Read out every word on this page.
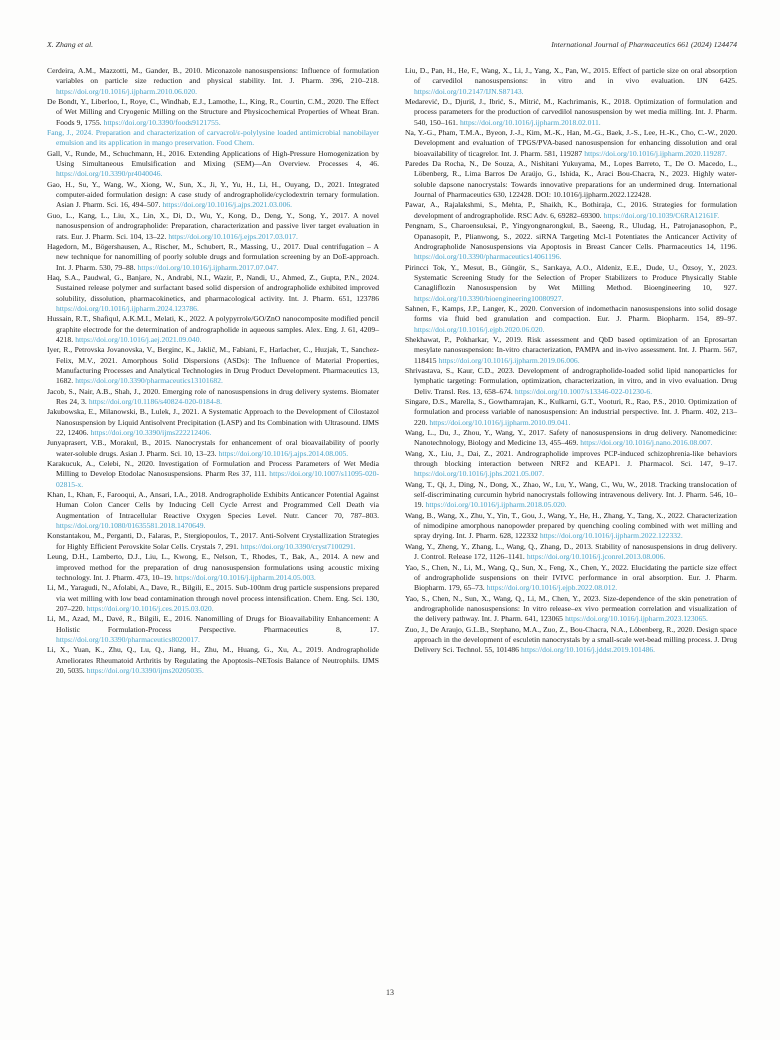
X. Zhang et al.	International Journal of Pharmaceutics 661 (2024) 124474

Cerdeira, A.M., Mazzotti, M., Gander, B., 2010. Miconazole nanosuspensions: Influence of formulation variables on particle size reduction and physical stability. Int. J. Pharm. 396, 210–218. https://doi.org/10.1016/j.ijpharm.2010.06.020.

De Bondt, Y., Liberloo, I., Roye, C., Windhab, E.J., Lamothe, L., King, R., Courtin, C.M., 2020. The Effect of Wet Milling and Cryogenic Milling on the Structure and Physicochemical Properties of Wheat Bran. Foods 9, 1755. https://doi.org/10.3390/foods9121755.

Fang, J., 2024. Preparation and characterization of carvacrol/ε-polylysine loaded antimicrobial nanobilayer emulsion and its application in mango preservation. Food Chem.

Gall, V., Runde, M., Schuchmann, H., 2016. Extending Applications of High-Pressure Homogenization by Using Simultaneous Emulsification and Mixing (SEM)—An Overview. Processes 4, 46. https://doi.org/10.3390/pr4040046.

Gao, H., Su, Y., Wang, W., Xiong, W., Sun, X., Ji, Y., Yu, H., Li, H., Ouyang, D., 2021. Integrated computer-aided formulation design: A case study of andrographolide/cyclodextrin ternary formulation. Asian J. Pharm. Sci. 16, 494–507. https://doi.org/10.1016/j.ajps.2021.03.006.

Guo, L., Kang, L., Liu, X., Lin, X., Di, D., Wu, Y., Kong, D., Deng, Y., Song, Y., 2017. A novel nanosuspension of andrographolide: Preparation, characterization and passive liver target evaluation in rats. Eur. J. Pharm. Sci. 104, 13–22. https://doi.org/10.1016/j.ejps.2017.03.017.

Hagedorn, M., Bögershausen, A., Rischer, M., Schubert, R., Massing, U., 2017. Dual centrifugation – A new technique for nanomilling of poorly soluble drugs and formulation screening by an DoE-approach. Int. J. Pharm. 530, 79–88. https://doi.org/10.1016/j.ijpharm.2017.07.047.

Haq, S.A., Paudwal, G., Banjare, N., Andrabi, N.I., Wazir, P., Nandi, U., Ahmed, Z., Gupta, P.N., 2024. Sustained release polymer and surfactant based solid dispersion of andrographolide exhibited improved solubility, dissolution, pharmacokinetics, and pharmacological activity. Int. J. Pharm. 651, 123786 https://doi.org/10.1016/j.ijpharm.2024.123786.

Hussain, R.T., Shafiqul, A.K.M.I., Melati, K., 2022. A polypyrrole/GO/ZnO nanocomposite modified pencil graphite electrode for the determination of andrographolide in aqueous samples. Alex. Eng. J. 61, 4209–4218. https://doi.org/10.1016/j.aej.2021.09.040.

Iyer, R., Petrovska Jovanovska, V., Berginc, K., Jaklič, M., Fabiani, F., Harlacher, C., Huzjak, T., Sanchez-Felix, M.V., 2021. Amorphous Solid Dispersions (ASDs): The Influence of Material Properties, Manufacturing Processes and Analytical Technologies in Drug Product Development. Pharmaceutics 13, 1682. https://doi.org/10.3390/pharmaceutics13101682.

Jacob, S., Nair, A.B., Shah, J., 2020. Emerging role of nanosuspensions in drug delivery systems. Biomater Res 24, 3. https://doi.org/10.1186/s40824-020-0184-8.

Jakubowska, E., Milanowski, B., Lulek, J., 2021. A Systematic Approach to the Development of Cilostazol Nanosuspension by Liquid Antisolvent Precipitation (LASP) and Its Combination with Ultrasound. IJMS 22, 12406. https://doi.org/10.3390/ijms222212406.

Junyaprasert, V.B., Morakul, B., 2015. Nanocrystals for enhancement of oral bioavailability of poorly water-soluble drugs. Asian J. Pharm. Sci. 10, 13–23. https://doi.org/10.1016/j.ajps.2014.08.005.

Karakucuk, A., Celebi, N., 2020. Investigation of Formulation and Process Parameters of Wet Media Milling to Develop Etodolac Nanosuspensions. Pharm Res 37, 111. https://doi.org/10.1007/s11095-020-02815-x.

Khan, I., Khan, F., Farooqui, A., Ansari, I.A., 2018. Andrographolide Exhibits Anticancer Potential Against Human Colon Cancer Cells by Inducing Cell Cycle Arrest and Programmed Cell Death via Augmentation of Intracellular Reactive Oxygen Species Level. Nutr. Cancer 70, 787–803. https://doi.org/10.1080/01635581.2018.1470649.

Konstantakou, M., Perganti, D., Falaras, P., Stergiopoulos, T., 2017. Anti-Solvent Crystallization Strategies for Highly Efficient Perovskite Solar Cells. Crystals 7, 291. https://doi.org/10.3390/cryst7100291.

Leung, D.H., Lamberto, D.J., Liu, L., Kwong, E., Nelson, T., Rhodes, T., Bak, A., 2014. A new and improved method for the preparation of drug nanosuspension formulations using acoustic mixing technology. Int. J. Pharm. 473, 10–19. https://doi.org/10.1016/j.ijpharm.2014.05.003.

Li, M., Yaragudi, N., Afolabi, A., Dave, R., Bilgili, E., 2015. Sub-100nm drug particle suspensions prepared via wet milling with low bead contamination through novel process intensification. Chem. Eng. Sci. 130, 207–220. https://doi.org/10.1016/j.ces.2015.03.020.

Li, M., Azad, M., Davé, R., Bilgili, E., 2016. Nanomilling of Drugs for Bioavailability Enhancement: A Holistic Formulation-Process Perspective. Pharmaceutics 8, 17. https://doi.org/10.3390/pharmaceutics8020017.

Li, X., Yuan, K., Zhu, Q., Lu, Q., Jiang, H., Zhu, M., Huang, G., Xu, A., 2019. Andrographolide Ameliorates Rheumatoid Arthritis by Regulating the Apoptosis–NETosis Balance of Neutrophils. IJMS 20, 5035. https://doi.org/10.3390/ijms20205035.

Liu, D., Pan, H., He, F., Wang, X., Li, J., Yang, X., Pan, W., 2015. Effect of particle size on oral absorption of carvedilol nanosuspensions: in vitro and in vivo evaluation. IJN 6425. https://doi.org/10.2147/IJN.S87143.

Medarević, D., Djuriš, J., Ibrić, S., Mitrić, M., Kachrimanis, K., 2018. Optimization of formulation and process parameters for the production of carvedilol nanosuspension by wet media milling. Int. J. Pharm. 540, 150–161. https://doi.org/10.1016/j.ijpharm.2018.02.011.

Na, Y.-G., Pham, T.M.A., Byeon, J.-J., Kim, M.-K., Han, M.-G., Baek, J.-S., Lee, H.-K., Cho, C.-W., 2020. Development and evaluation of TPGS/PVA-based nanosuspension for enhancing dissolution and oral bioavailability of ticagrelor. Int. J. Pharm. 581, 119287 https://doi.org/10.1016/j.ijpharm.2020.119287.

Paredes Da Rocha, N., De Souza, A., Nishitani Yukuyama, M., Lopes Barreto, T., De O. Macedo, L., Löbenberg, R., Lima Barros De Araújo, G., Ishida, K., Araci Bou-Chacra, N., 2023. Highly water-soluble dapsone nanocrystals: Towards innovative preparations for an undermined drug. International Journal of Pharmaceutics 630, 122428. DOI: 10.1016/j.ijpharm.2022.122428.

Pawar, A., Rajalakshmi, S., Mehta, P., Shaikh, K., Bothiraja, C., 2016. Strategies for formulation development of andrographolide. RSC Adv. 6, 69282–69300. https://doi.org/10.1039/C6RA12161F.

Pengnam, S., Charoensuksai, P., Yingyongnarongkul, B., Saeeng, R., Uludag, H., Patrojanasophon, P., Opanasopit, P., Plianwong, S., 2022. siRNA Targeting Mcl-1 Potentiates the Anticancer Activity of Andrographolide Nanosuspensions via Apoptosis in Breast Cancer Cells. Pharmaceutics 14, 1196. https://doi.org/10.3390/pharmaceutics14061196.

Pirincci Tok, Y., Mesut, B., Güngör, S., Sarıkaya, A.O., Aldeniz, E.E., Dude, U., Özsoy, Y., 2023. Systematic Screening Study for the Selection of Proper Stabilizers to Produce Physically Stable Canagliflozin Nanosuspension by Wet Milling Method. Bioengineering 10, 927. https://doi.org/10.3390/bioengineering10080927.

Sahnen, F., Kamps, J.P., Langer, K., 2020. Conversion of indomethacin nanosuspensions into solid dosage forms via fluid bed granulation and compaction. Eur. J. Pharm. Biopharm. 154, 89–97. https://doi.org/10.1016/j.ejpb.2020.06.020.

Shekhawat, P., Pokharkar, V., 2019. Risk assessment and QbD based optimization of an Eprosartan mesylate nanosuspension: In-vitro characterization, PAMPA and in-vivo assessment. Int. J. Pharm. 567, 118415 https://doi.org/10.1016/j.ijpharm.2019.06.006.

Shrivastava, S., Kaur, C.D., 2023. Development of andrographolide-loaded solid lipid nanoparticles for lymphatic targeting: Formulation, optimization, characterization, in vitro, and in vivo evaluation. Drug Deliv. Transl. Res. 13, 658–674. https://doi.org/10.1007/s13346-022-01230-6.

Singare, D.S., Marella, S., Gowthamrajan, K., Kulkarni, G.T., Vooturi, R., Rao, P.S., 2010. Optimization of formulation and process variable of nanosuspension: An industrial perspective. Int. J. Pharm. 402, 213–220. https://doi.org/10.1016/j.ijpharm.2010.09.041.

Wang, L., Du, J., Zhou, Y., Wang, Y., 2017. Safety of nanosuspensions in drug delivery. Nanomedicine: Nanotechnology, Biology and Medicine 13, 455–469. https://doi.org/10.1016/j.nano.2016.08.007.

Wang, X., Liu, J., Dai, Z., 2021. Andrographolide improves PCP-induced schizophrenia-like behaviors through blocking interaction between NRF2 and KEAP1. J. Pharmacol. Sci. 147, 9–17. https://doi.org/10.1016/j.jphs.2021.05.007.

Wang, T., Qi, J., Ding, N., Dong, X., Zhao, W., Lu, Y., Wang, C., Wu, W., 2018. Tracking translocation of self-discriminating curcumin hybrid nanocrystals following intravenous delivery. Int. J. Pharm. 546, 10–19. https://doi.org/10.1016/j.ijpharm.2018.05.020.

Wang, B., Wang, X., Zhu, Y., Yin, T., Gou, J., Wang, Y., He, H., Zhang, Y., Tang, X., 2022. Characterization of nimodipine amorphous nanopowder prepared by quenching cooling combined with wet milling and spray drying. Int. J. Pharm. 628, 122332 https://doi.org/10.1016/j.ijpharm.2022.122332.

Wang, Y., Zheng, Y., Zhang, L., Wang, Q., Zhang, D., 2013. Stability of nanosuspensions in drug delivery. J. Control. Release 172, 1126–1141. https://doi.org/10.1016/j.jconrel.2013.08.006.

Yao, S., Chen, N., Li, M., Wang, Q., Sun, X., Feng, X., Chen, Y., 2022. Elucidating the particle size effect of andrographolide suspensions on their IVIVC performance in oral absorption. Eur. J. Pharm. Biopharm. 179, 65–73. https://doi.org/10.1016/j.ejpb.2022.08.012.

Yao, S., Chen, N., Sun, X., Wang, Q., Li, M., Chen, Y., 2023. Size-dependence of the skin penetration of andrographolide nanosuspensions: In vitro release–ex vivo permeation correlation and visualization of the delivery pathway. Int. J. Pharm. 641, 123065 https://doi.org/10.1016/j.ijpharm.2023.123065.

Zuo, J., De Araujo, G.L.B., Stephano, M.A., Zuo, Z., Bou-Chacra, N.A., Löbenberg, R., 2020. Design space approach in the development of esculetin nanocrystals by a small-scale wet-bead milling process. J. Drug Delivery Sci. Technol. 55, 101486 https://doi.org/10.1016/j.jddst.2019.101486.

13
